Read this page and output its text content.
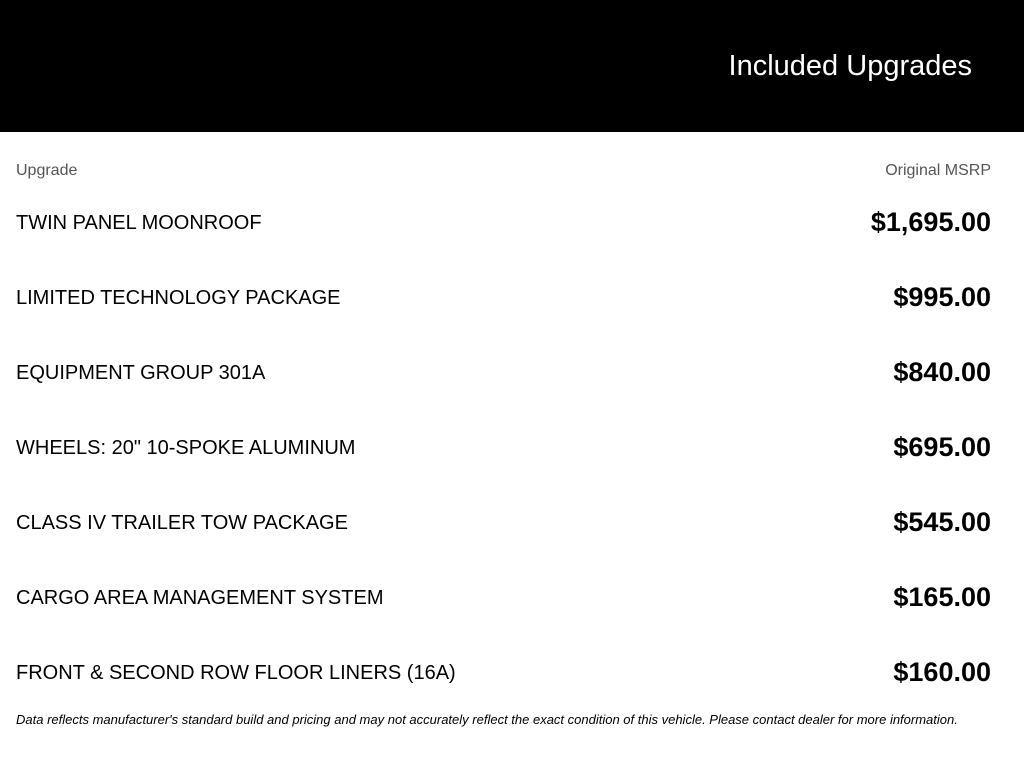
Included Upgrades
Upgrade	Original MSRP
TWIN PANEL MOONROOF	$1,695.00
LIMITED TECHNOLOGY PACKAGE	$995.00
EQUIPMENT GROUP 301A	$840.00
WHEELS: 20" 10-SPOKE ALUMINUM	$695.00
CLASS IV TRAILER TOW PACKAGE	$545.00
CARGO AREA MANAGEMENT SYSTEM	$165.00
FRONT & SECOND ROW FLOOR LINERS (16A)	$160.00
Data reflects manufacturer's standard build and pricing and may not accurately reflect the exact condition of this vehicle. Please contact dealer for more information.
